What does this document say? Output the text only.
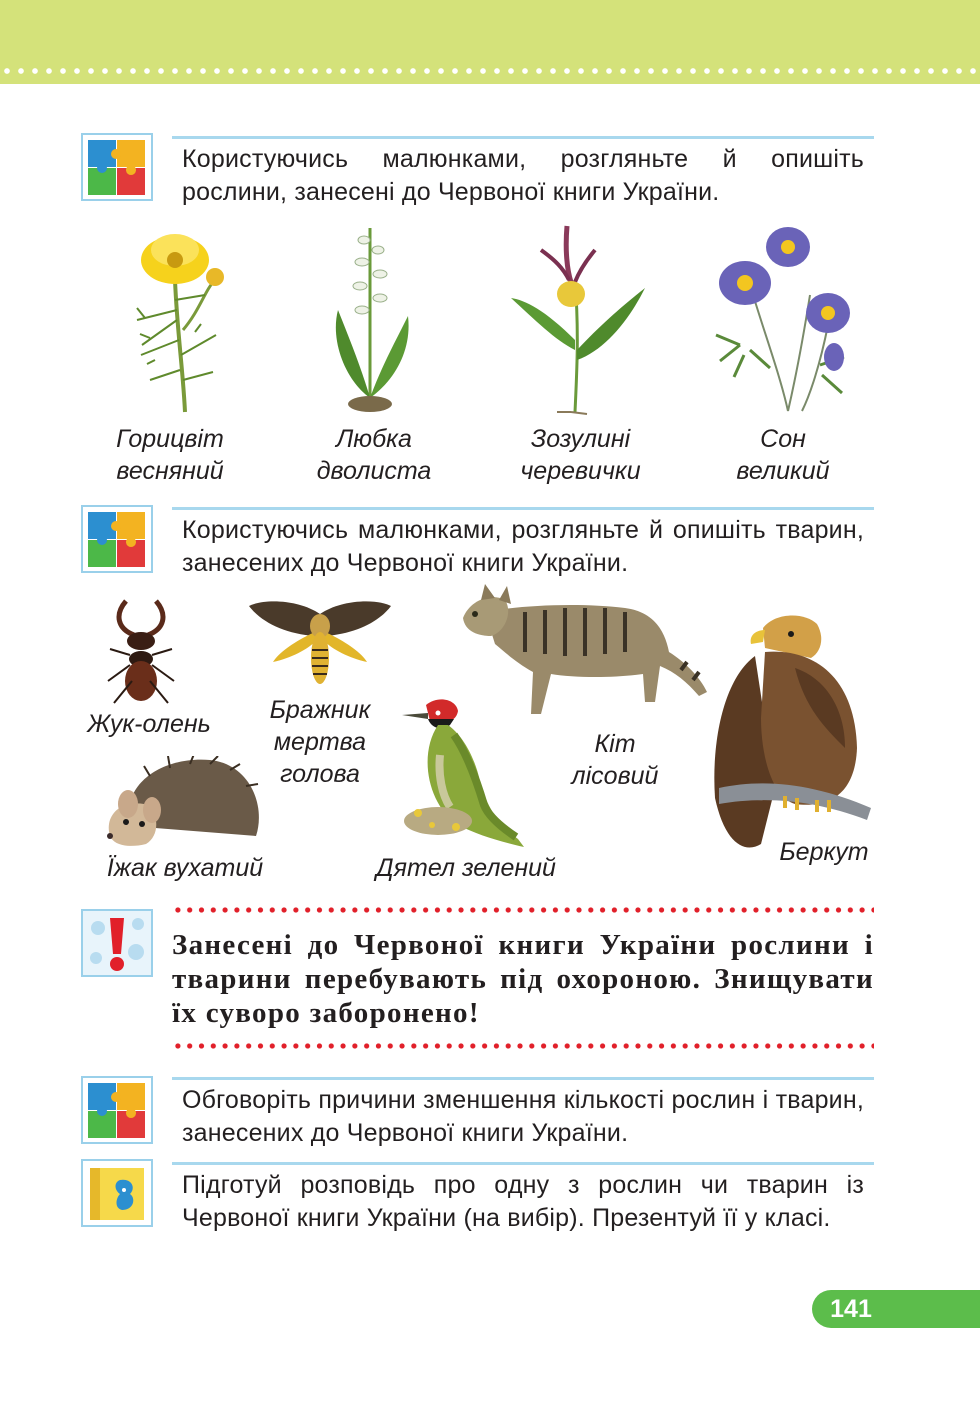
Користуючись малюнками, розгляньте й опишіть рослини, занесені до Червоної книги України.
Горицвіт
весняний
Любка
дволиста
Зозулині
черевички
Сон
великий
Користуючись малюнками, розгляньте й опишіть тварин, занесених до Червоної книги України.
Жук-олень	Бражник
мертва
голова
Кіт
лісовий
Їжак вухатий	Дятел зелений
Беркут
Занесені до Червоної книги України рослини і тварини перебувають під охороною. Знищувати їх суворо заборонено!
Обговоріть причини зменшення кількості рослин і тварин, занесених до Червоної книги України.
Підготуй розповідь про одну з рослин чи тварин із Червоної книги України (на вибір). Презентуй її у класі.
141
